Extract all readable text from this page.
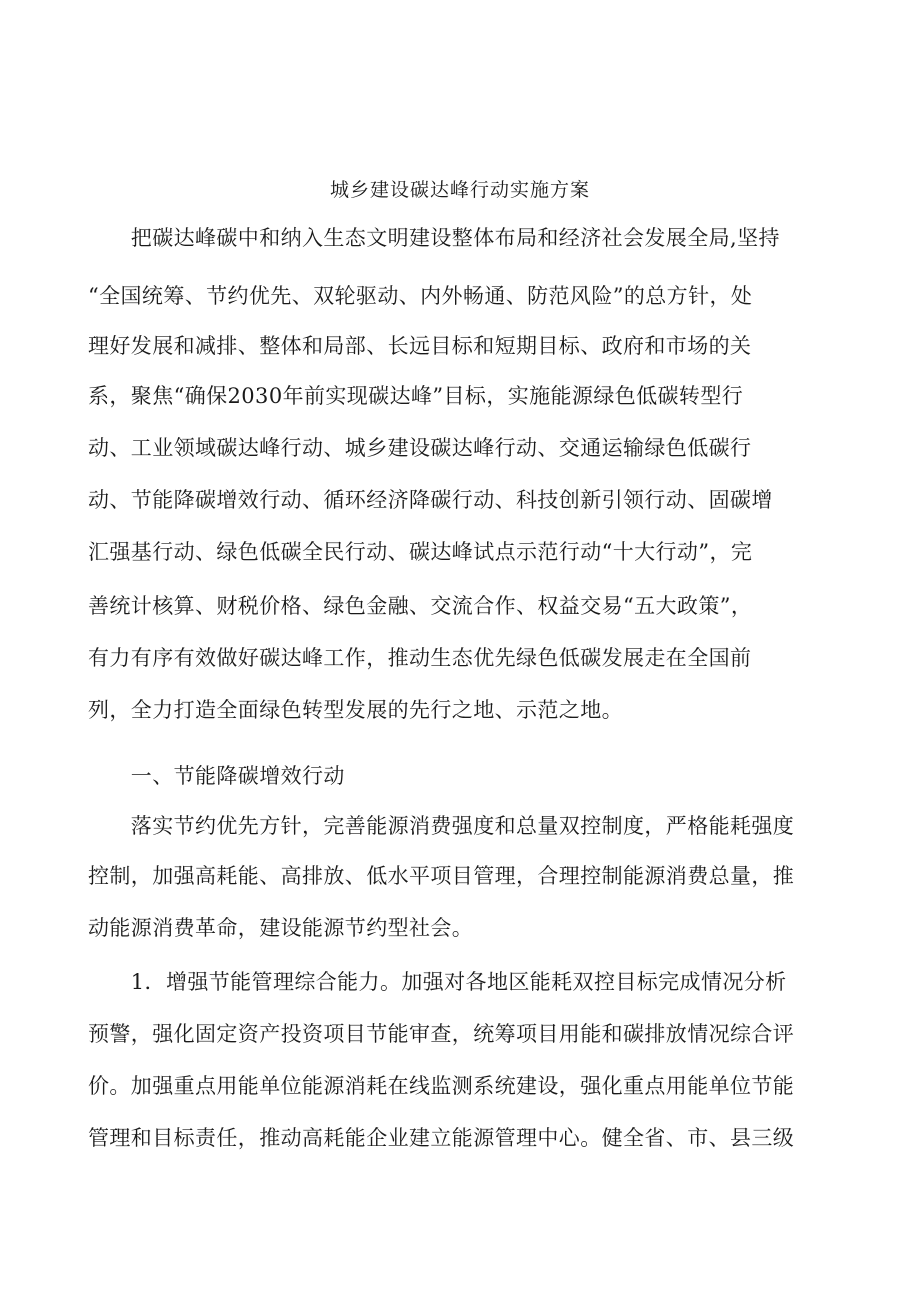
城乡建设碳达峰行动实施方案
　　把碳达峰碳中和纳入生态文明建设整体布局和经济社会发展全局,坚持
“全国统筹、节约优先、双轮驱动、内外畅通、防范风险”的总方针，处
理好发展和减排、整体和局部、长远目标和短期目标、政府和市场的关
系，聚焦“确保2030年前实现碳达峰”目标，实施能源绿色低碳转型行
动、工业领域碳达峰行动、城乡建设碳达峰行动、交通运输绿色低碳行
动、节能降碳增效行动、循环经济降碳行动、科技创新引领行动、固碳增
汇强基行动、绿色低碳全民行动、碳达峰试点示范行动“十大行动”，完
善统计核算、财税价格、绿色金融、交流合作、权益交易“五大政策”，
有力有序有效做好碳达峰工作，推动生态优先绿色低碳发展走在全国前
列，全力打造全面绿色转型发展的先行之地、示范之地。
　　一、节能降碳增效行动
　　落实节约优先方针，完善能源消费强度和总量双控制度，严格能耗强度
控制，加强高耗能、高排放、低水平项目管理，合理控制能源消费总量，推
动能源消费革命，建设能源节约型社会。
　　1．增强节能管理综合能力。加强对各地区能耗双控目标完成情况分析
预警，强化固定资产投资项目节能审查，统筹项目用能和碳排放情况综合评
价。加强重点用能单位能源消耗在线监测系统建设，强化重点用能单位节能
管理和目标责任，推动高耗能企业建立能源管理中心。健全省、市、县三级
